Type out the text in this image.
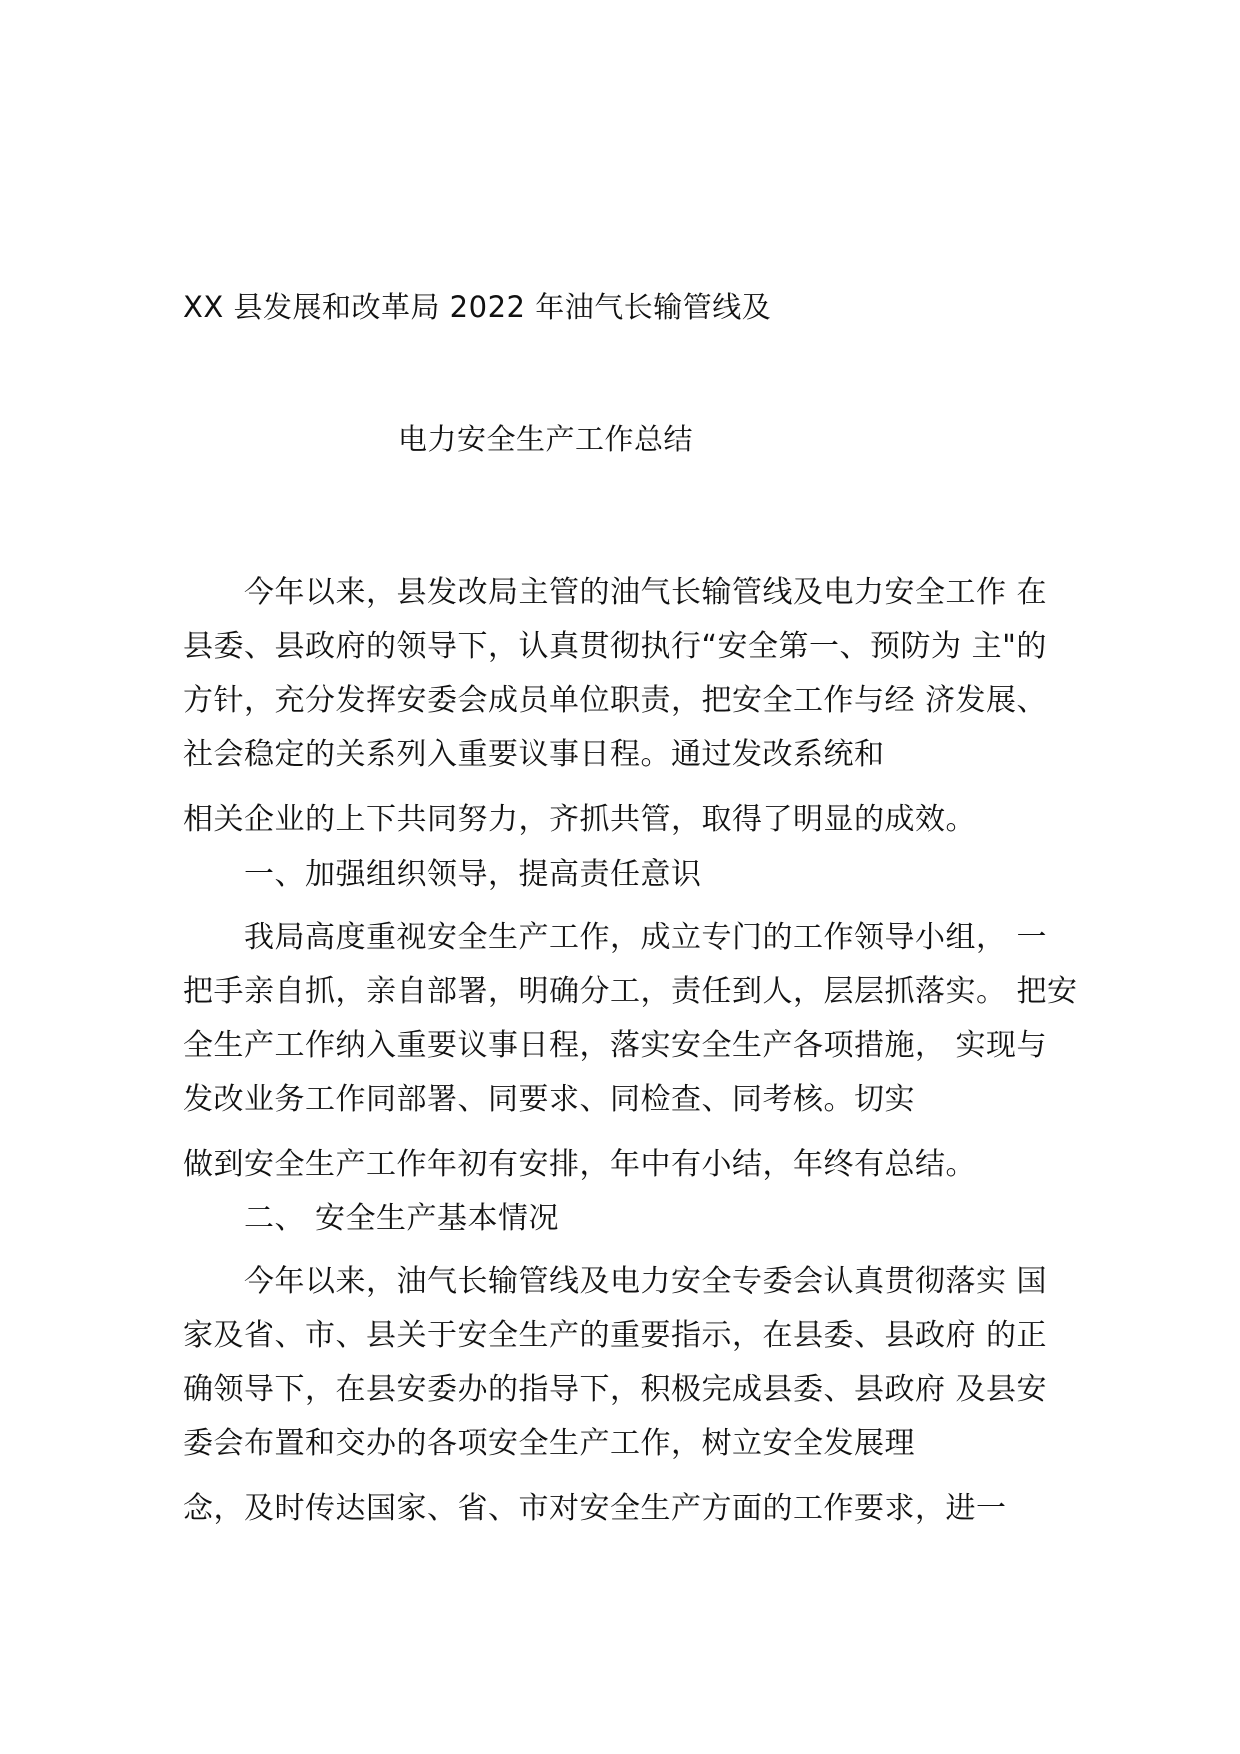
XX 县发展和改革局 2022 年油气长输管线及
电力安全生产工作总结
今年以来，县发改局主管的油气长输管线及电力安全工作 在
县委、县政府的领导下，认真贯彻执行“安全第一、预防为 主"的
方针，充分发挥安委会成员单位职责，把安全工作与经 济发展、
社会稳定的关系列入重要议事日程。通过发改系统和
相关企业的上下共同努力，齐抓共管，取得了明显的成效。
一、加强组织领导，提高责任意识
我局高度重视安全生产工作，成立专门的工作领导小组， 一
把手亲自抓，亲自部署，明确分工，责任到人，层层抓落实。 把安
全生产工作纳入重要议事日程，落实安全生产各项措施， 实现与
发改业务工作同部署、同要求、同检查、同考核。切实
做到安全生产工作年初有安排，年中有小结，年终有总结。
二、 安全生产基本情况
今年以来，油气长输管线及电力安全专委会认真贯彻落实 国
家及省、市、县关于安全生产的重要指示，在县委、县政府 的正
确领导下，在县安委办的指导下，积极完成县委、县政府 及县安
委会布置和交办的各项安全生产工作，树立安全发展理
念，及时传达国家、省、市对安全生产方面的工作要求，进一
